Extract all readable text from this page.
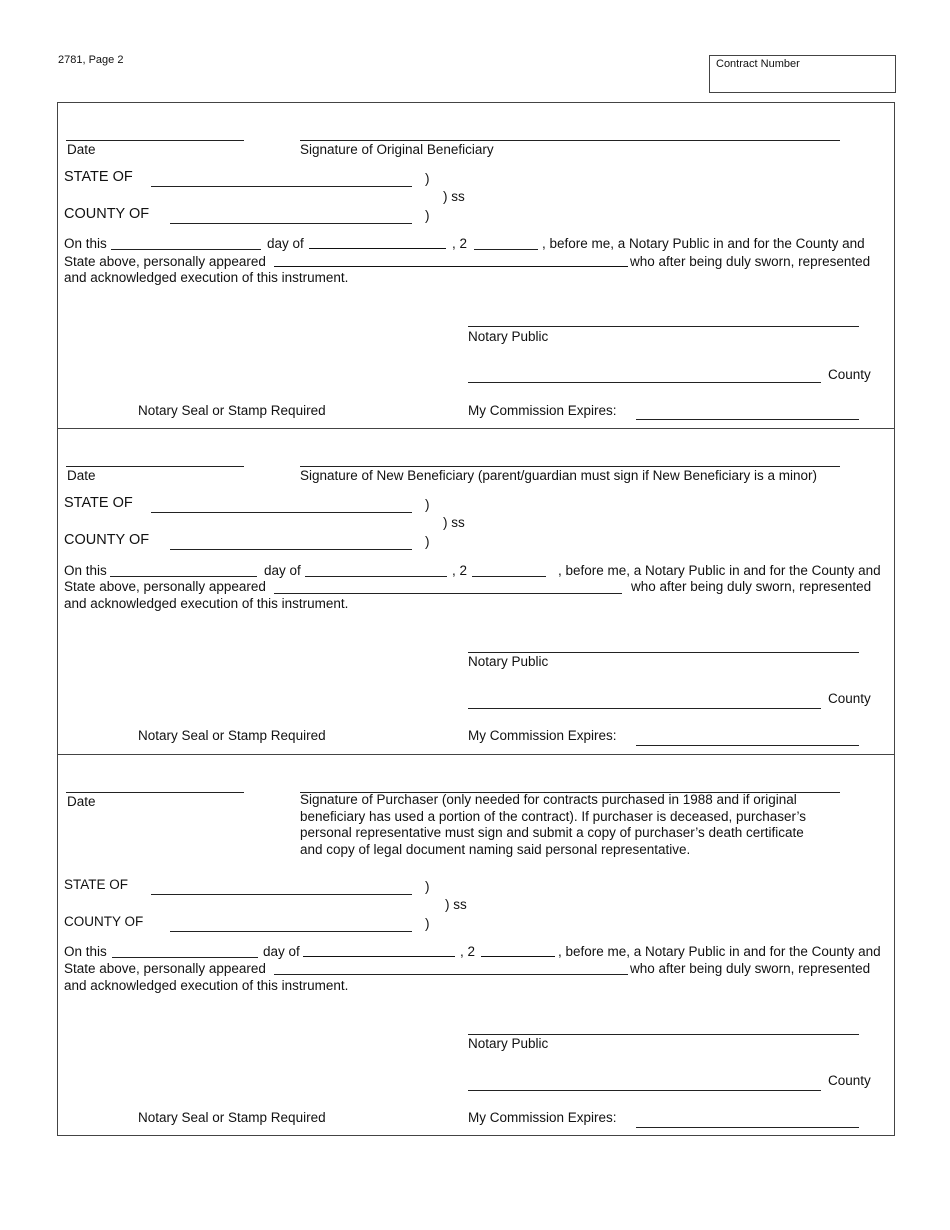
2781, Page 2	Contract Number
Date	Signature of Original Beneficiary
STATE OF	)
) ss
COUNTY OF	)
On this	day of	, 2	, before me, a Notary Public in and for the County and
State above, personally appeared	who after being duly sworn, represented
and acknowledged execution of this instrument.
Notary Public
County
Notary Seal or Stamp Required	My Commission Expires:
Date	Signature of New Beneficiary (parent/guardian must sign if New Beneficiary is a minor)
STATE OF	)
) ss
COUNTY OF	)
On this	day of	, 2	, before me, a Notary Public in and for the County and
State above, personally appeared	who after being duly sworn, represented
and acknowledged execution of this instrument.
Notary Public
County
Notary Seal or Stamp Required	My Commission Expires:
Date	Signature of Purchaser (only needed for contracts purchased in 1988 and if original
beneficiary has used a portion of the contract). If purchaser is deceased, purchaser’s
personal representative must sign and submit a copy of purchaser’s death certificate
and copy of legal document naming said personal representative.
STATE OF	)
) ss
COUNTY OF	)
On this	day of	, 2	, before me, a Notary Public in and for the County and
State above, personally appeared	who after being duly sworn, represented
and acknowledged execution of this instrument.
Notary Public
County
Notary Seal or Stamp Required	My Commission Expires:
